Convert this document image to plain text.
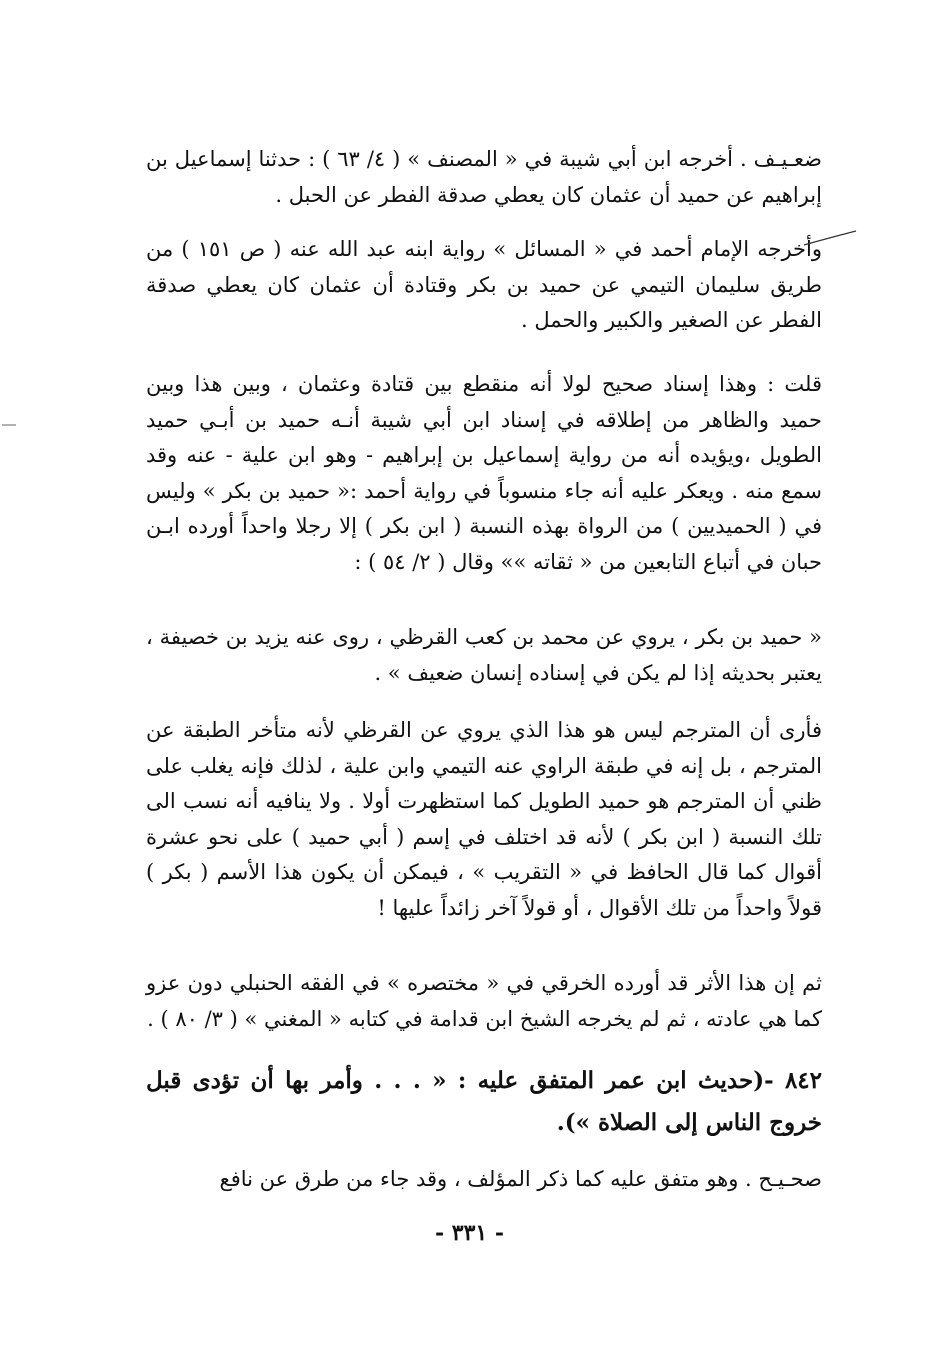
ضعـيـف . أخرجه ابن أبي شيبة في « المصنف » ( ٤/ ٦٣ ) : حدثنا إسماعيل بن إبراهيم عن حميد أن عثمان كان يعطي صدقة الفطر عن الحبل .

وأخرجه الإمام أحمد في « المسائل » رواية ابنه عبد الله عنه ( ص ١٥١ ) من طريق سليمان التيمي عن حميد بن بكر وقتادة أن عثمان كان يعطي صدقة الفطر عن الصغير والكبير والحمل .

قلت : وهذا إسناد صحيح لولا أنه منقطع بين قتادة وعثمان ، وبين هذا وبين حميد والظاهر من إطلاقه في إسناد ابن أبي شيبة أنـه حميد بن أبـي حميد الطويل ،ويؤيده أنه من رواية إسماعيل بن إبراهيم - وهو ابن علية - عنه وقد سمع منه . ويعكر عليه أنه جاء منسوباً في رواية أحمد :« حميد بن بكر » وليس في ( الحميديين ) من الرواة بهذه النسبة ( ابن بكر ) إلا رجلا واحداً أورده ابـن حبان في أتباع التابعين من « ثقاته »» وقال ( ٢/ ٥٤ ) :

« حميد بن بكر ، يروي عن محمد بن كعب القرظي ، روى عنه يزيد بن خصيفة ، يعتبر بحديثه إذا لم يكن في إسناده إنسان ضعيف » .

فأرى أن المترجم ليس هو هذا الذي يروي عن القرظي لأنه متأخر الطبقة عن المترجم ، بل إنه في طبقة الراوي عنه التيمي وابن علية ، لذلك فإنه يغلب على ظني أن المترجم هو حميد الطويل كما استظهرت أولا . ولا ينافيه أنه نسب الى تلك النسبة ( ابن بكر ) لأنه قد اختلف في إسم ( أبي حميد ) على نحو عشرة أقوال كما قال الحافظ في « التقريب » ، فيمكن أن يكون هذا الأسم ( بكر ) قولاً واحداً من تلك الأقوال ، أو قولاً آخر زائداً عليها !

ثم إن هذا الأثر قد أورده الخرقي في « مختصره » في الفقه الحنبلي دون عزو كما هي عادته ، ثم لم يخرجه الشيخ ابن قدامة في كتابه « المغني » ( ٣/ ٨٠ ) .

٨٤٢ -(حديث ابن عمر المتفق عليه : « . . . وأمر بها أن تؤدى قبل خروج الناس إلى الصلاة »).

صحـيـح . وهو متفق عليه كما ذكر المؤلف ، وقد جاء من طرق عن نافع

- ٣٣١ -
